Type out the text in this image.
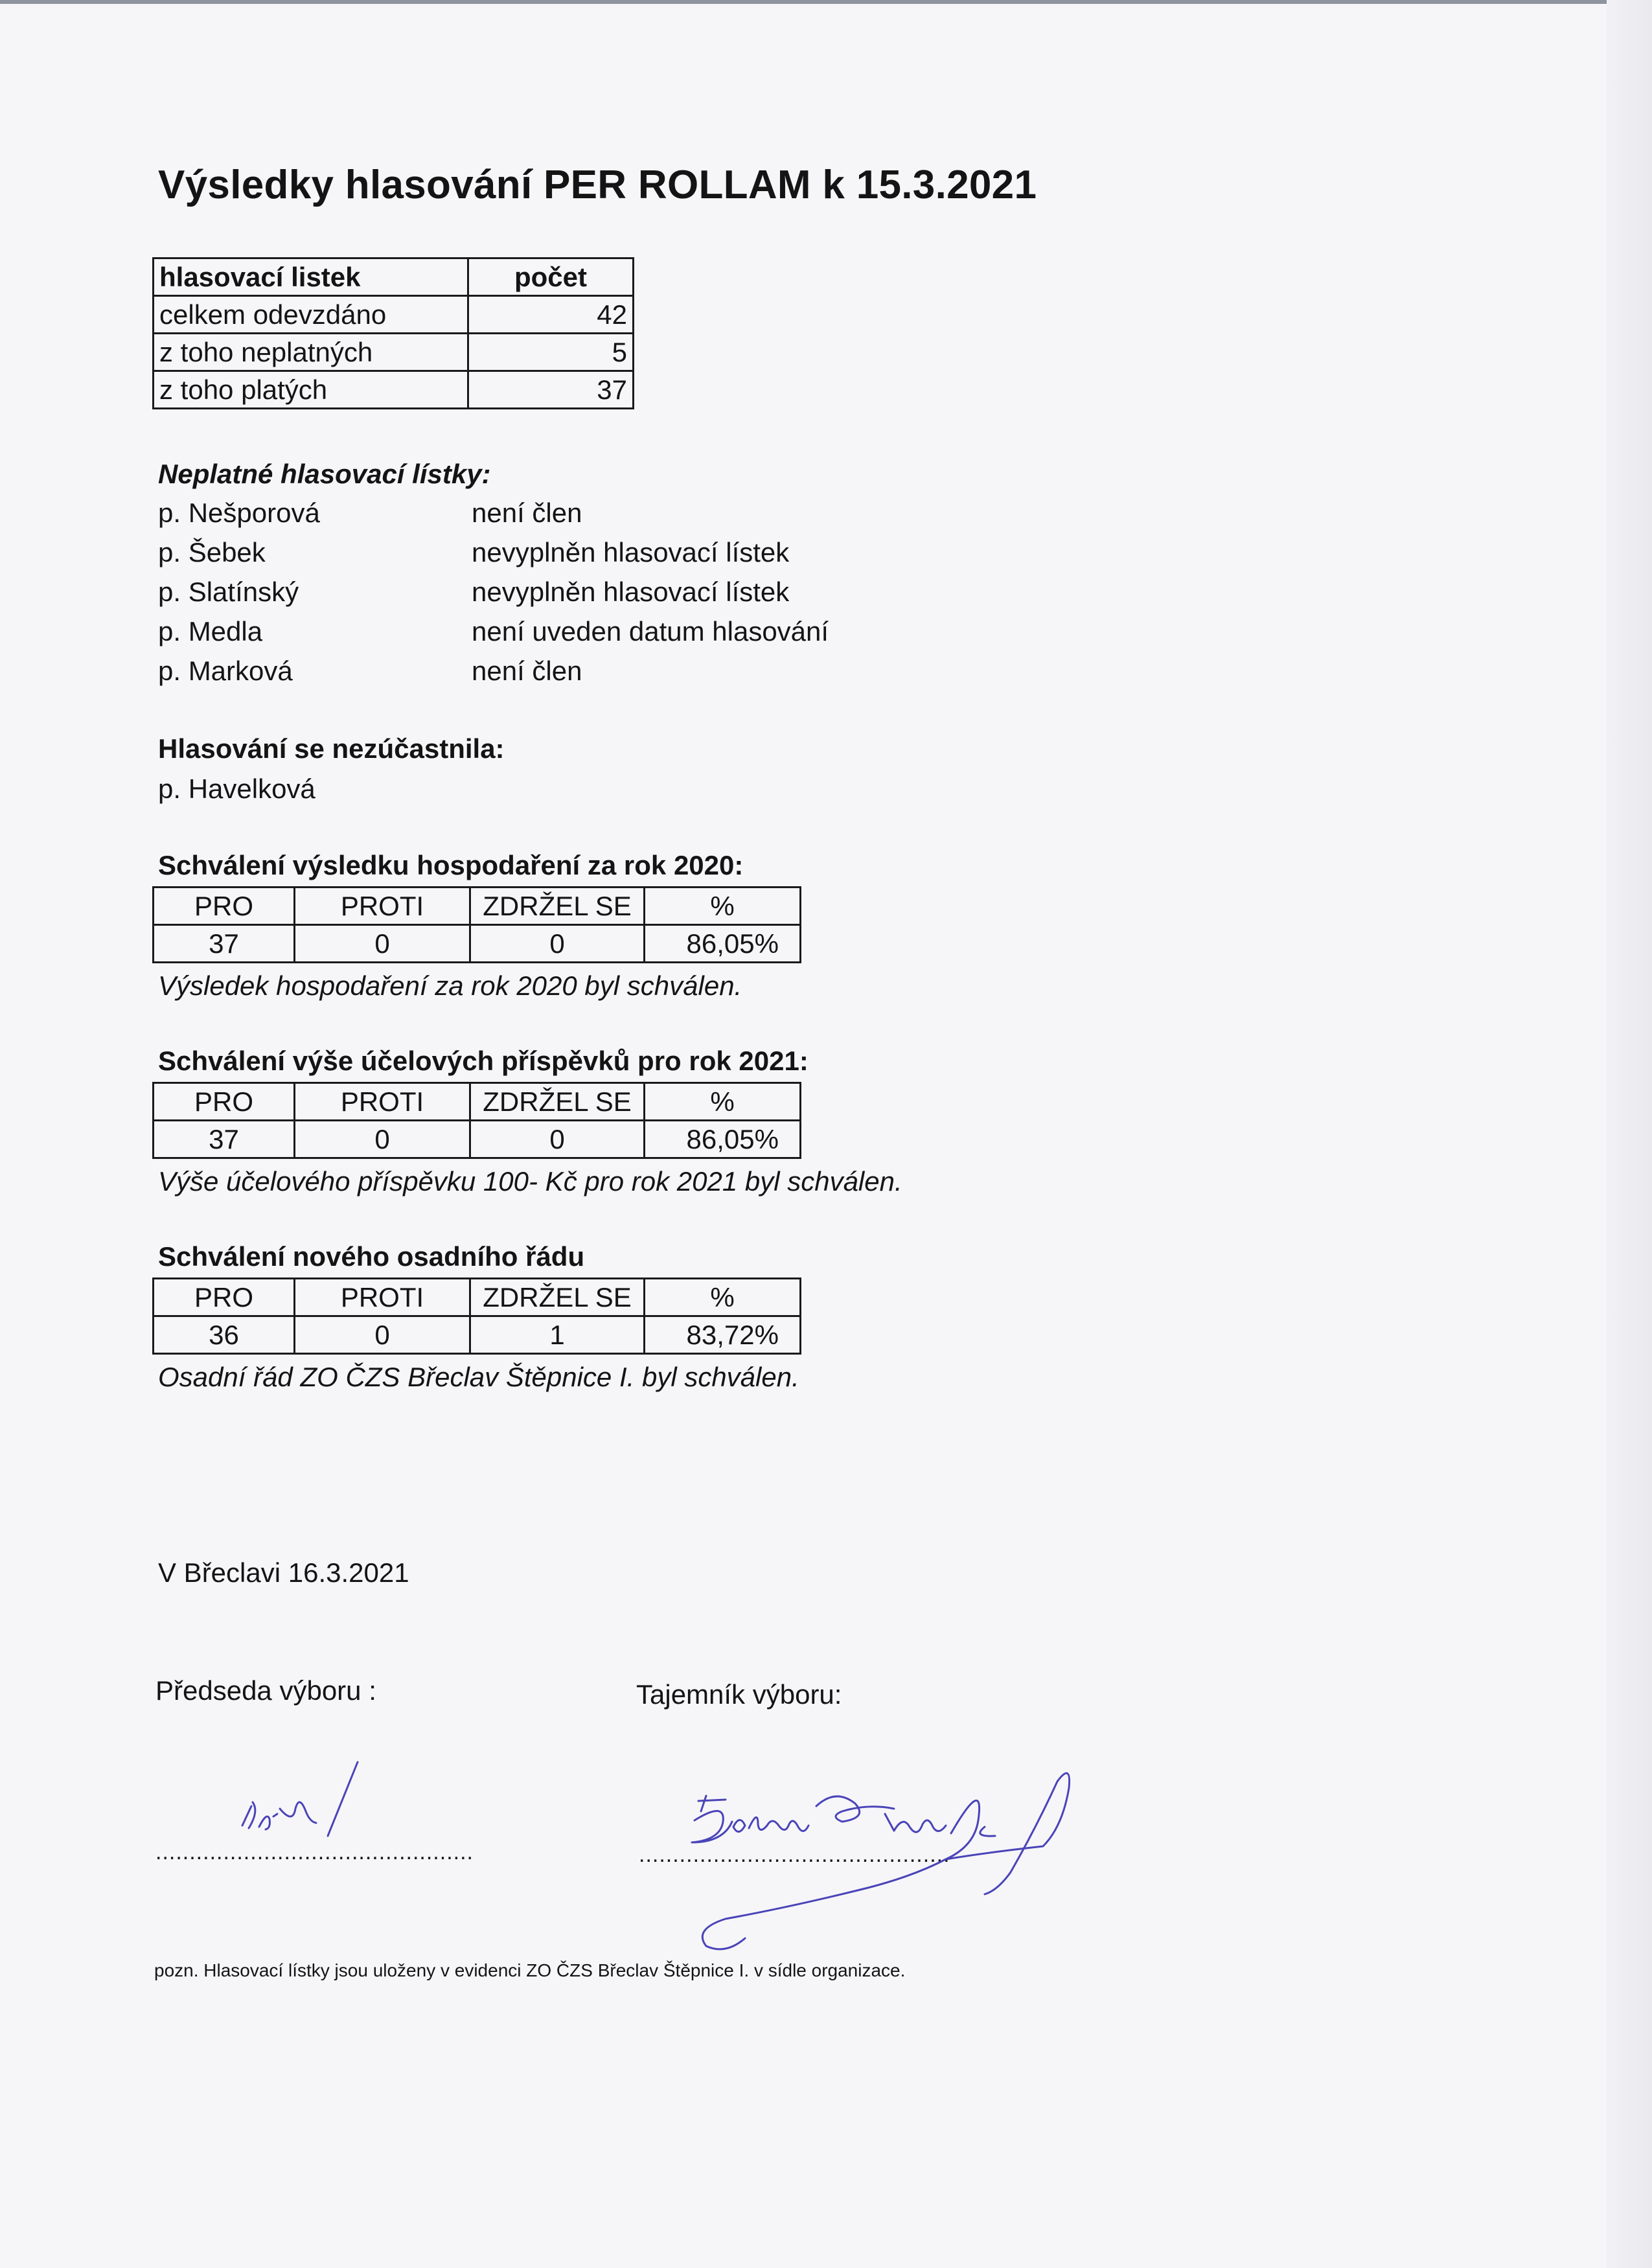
Výsledky hlasování PER ROLLAM k 15.3.2021
hlasovací listek	počet
celkem odevzdáno	42
z toho neplatných	5
z toho platých	37
Neplatné hlasovací lístky:
p. Nešporová	není člen
p. Šebek	nevyplněn hlasovací lístek
p. Slatínský	nevyplněn hlasovací lístek
p. Medla	není uveden datum hlasování
p. Marková	není člen
Hlasování se nezúčastnila:
p. Havelková
Schválení výsledku hospodaření za rok 2020:
PRO	PROTI	ZDRŽEL SE	%
37	0	0	86,05%
Výsledek hospodaření za rok 2020 byl schválen.
Schválení výše účelových příspěvků pro rok 2021:
PRO	PROTI	ZDRŽEL SE	%
37	0	0	86,05%
Výše účelového příspěvku 100- Kč pro rok 2021 byl schválen.
Schválení nového osadního řádu
PRO	PROTI	ZDRŽEL SE	%
36	0	1	83,72%
Osadní řád ZO ČZS Břeclav Štěpnice I. byl schválen.
V Břeclavi 16.3.2021
Předseda výboru :	Tajemník výboru:
...............................................	..............................................
pozn. Hlasovací lístky jsou uloženy v evidenci ZO ČZS Břeclav Štěpnice I. v sídle organizace.
